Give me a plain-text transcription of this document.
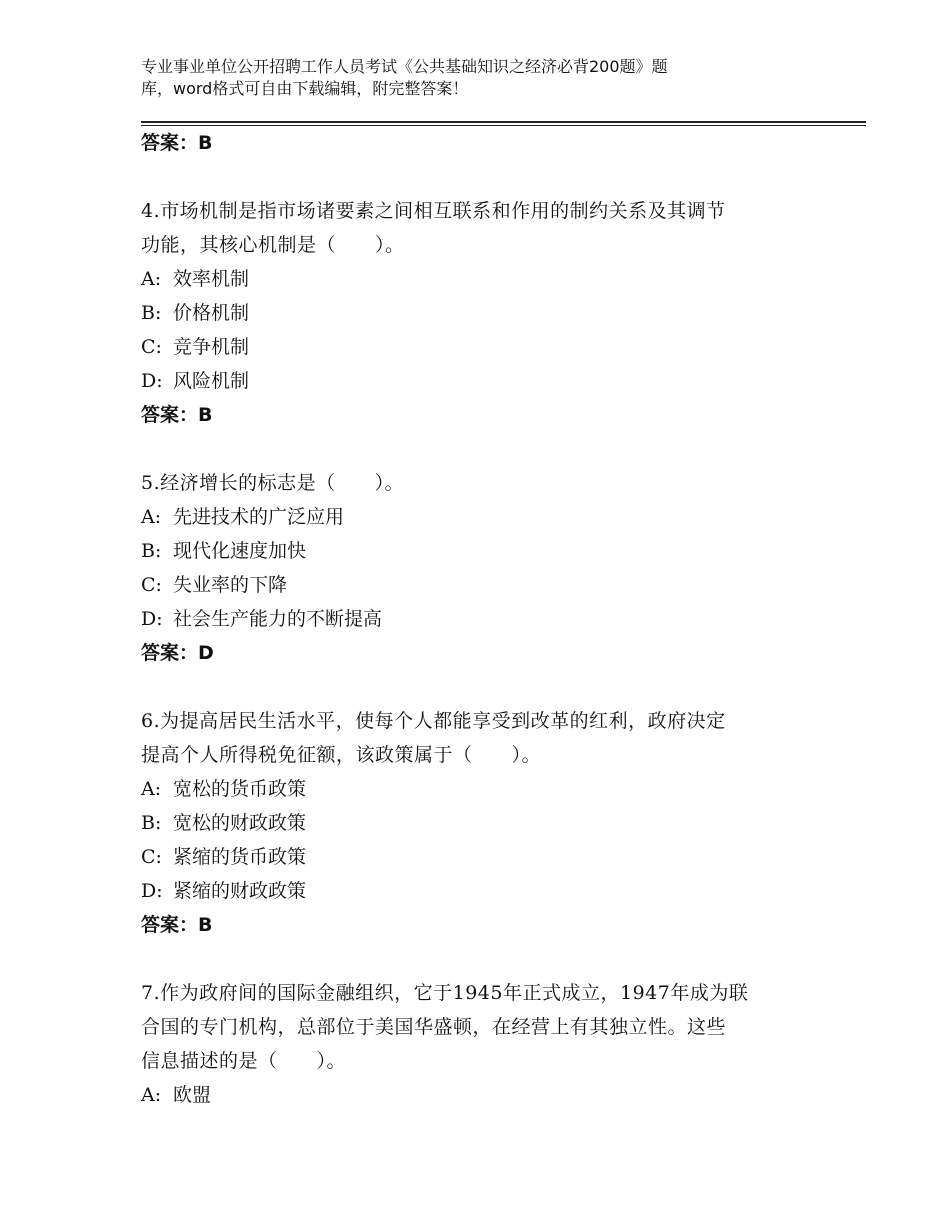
专业事业单位公开招聘工作人员考试《公共基础知识之经济必背200题》题
库，word格式可自由下载编辑，附完整答案！
答案：B
4.市场机制是指市场诸要素之间相互联系和作用的制约关系及其调节
功能，其核心机制是（　　）。
A: 效率机制
B: 价格机制
C: 竞争机制
D: 风险机制
答案：B
5.经济增长的标志是（　　）。
A: 先进技术的广泛应用
B: 现代化速度加快
C: 失业率的下降
D: 社会生产能力的不断提高
答案：D
6.为提高居民生活水平，使每个人都能享受到改革的红利，政府决定
提高个人所得税免征额，该政策属于（　　）。
A: 宽松的货币政策
B: 宽松的财政政策
C: 紧缩的货币政策
D: 紧缩的财政政策
答案：B
7.作为政府间的国际金融组织，它于1945年正式成立，1947年成为联
合国的专门机构，总部位于美国华盛顿，在经营上有其独立性。这些
信息描述的是（　　）。
A: 欧盟
